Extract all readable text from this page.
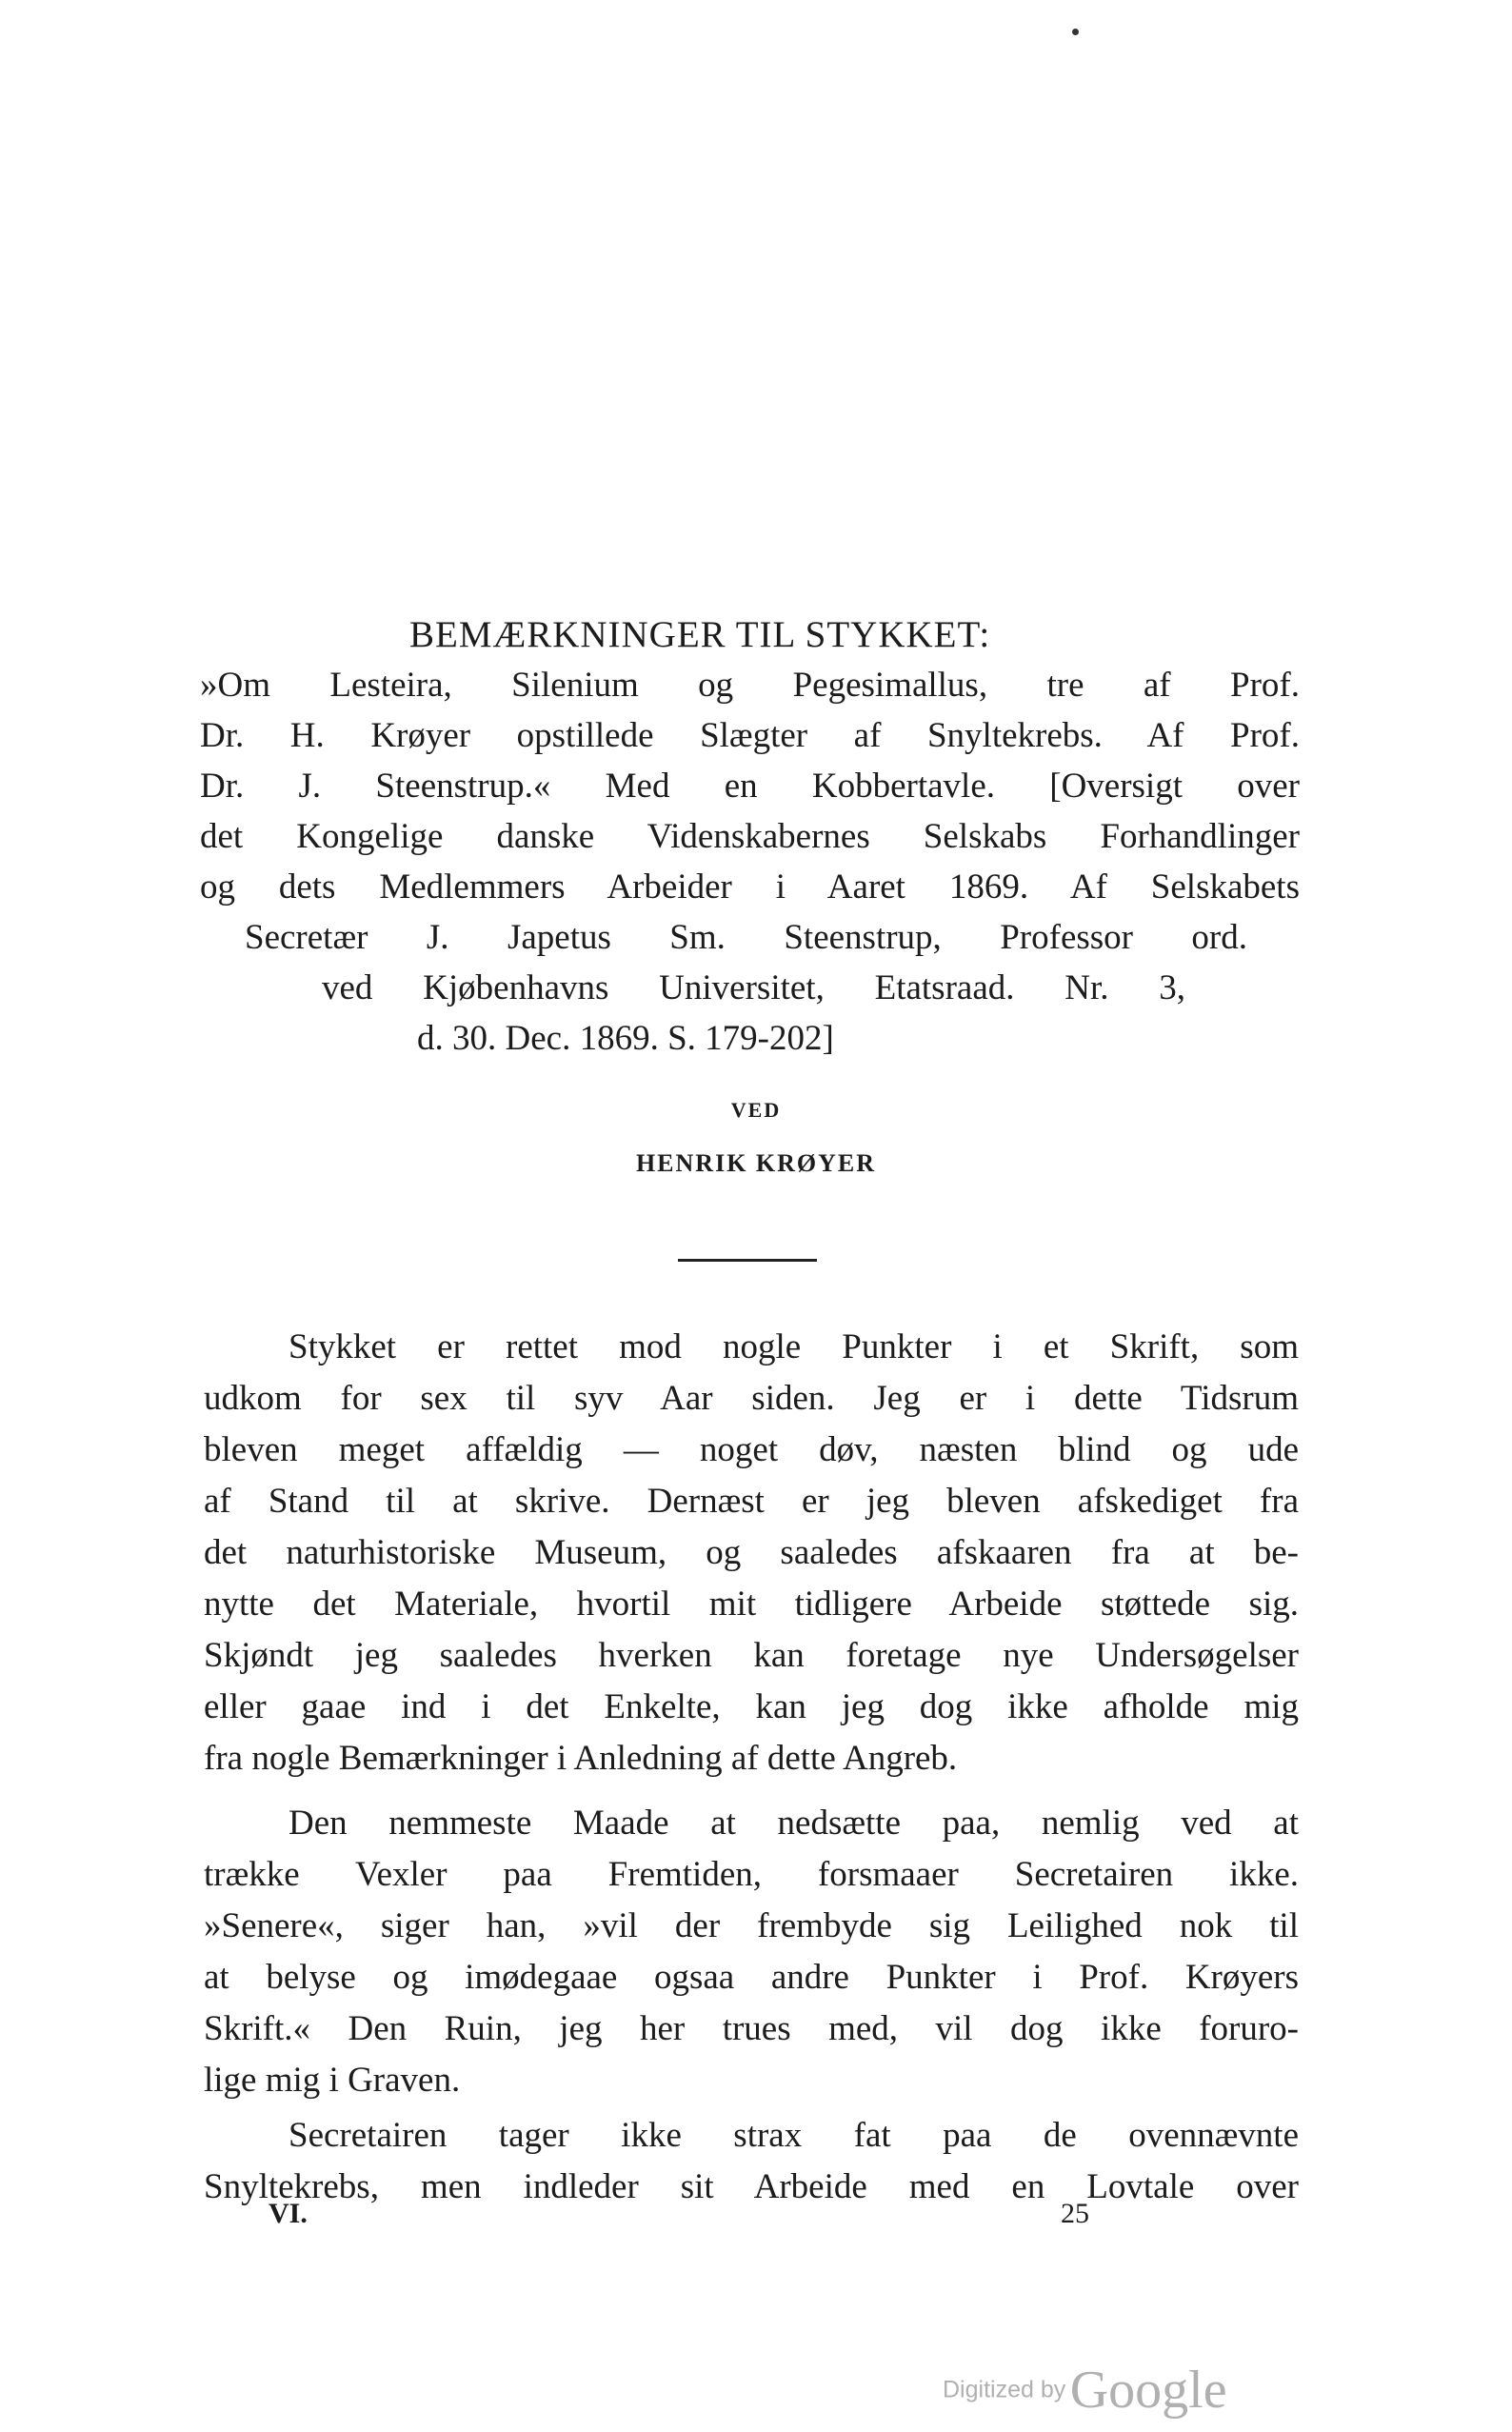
BEMÆRKNINGER TIL STYKKET:
»Om Lesteira, Silenium og Pegesimallus, tre af Prof.
Dr. H. Krøyer opstillede Slægter af Snyltekrebs. Af Prof.
Dr. J. Steenstrup.« Med en Kobbertavle. [Oversigt over
det Kongelige danske Videnskabernes Selskabs Forhandlinger
og dets Medlemmers Arbeider i Aaret 1869. Af Selskabets
Secretær J. Japetus Sm. Steenstrup, Professor ord.
ved Kjøbenhavns Universitet, Etatsraad. Nr. 3,
d. 30. Dec. 1869. S. 179-202]
VED
HENRIK KRØYER

Stykket er rettet mod nogle Punkter i et Skrift, som

udkom for sex til syv Aar siden. Jeg er i dette Tidsrum

bleven meget affældig — noget døv, næsten blind og ude

af Stand til at skrive. Dernæst er jeg bleven afskediget fra

det naturhistoriske Museum, og saaledes afskaaren fra at be-

nytte det Materiale, hvortil mit tidligere Arbeide støttede sig.

Skjøndt jeg saaledes hverken kan foretage nye Undersøgelser

eller gaae ind i det Enkelte, kan jeg dog ikke afholde mig

fra nogle Bemærkninger i Anledning af dette Angreb.

Den nemmeste Maade at nedsætte paa, nemlig ved at

trække Vexler paa Fremtiden, forsmaaer Secretairen ikke.

»Senere«, siger han, »vil der frembyde sig Leilighed nok til

at belyse og imødegaae ogsaa andre Punkter i Prof. Krøyers

Skrift.« Den Ruin, jeg her trues med, vil dog ikke foruro-

lige mig i Graven.

Secretairen tager ikke strax fat paa de ovennævnte

Snyltekrebs, men indleder sit Arbeide med en Lovtale over

VI.	25
Digitized by Google
